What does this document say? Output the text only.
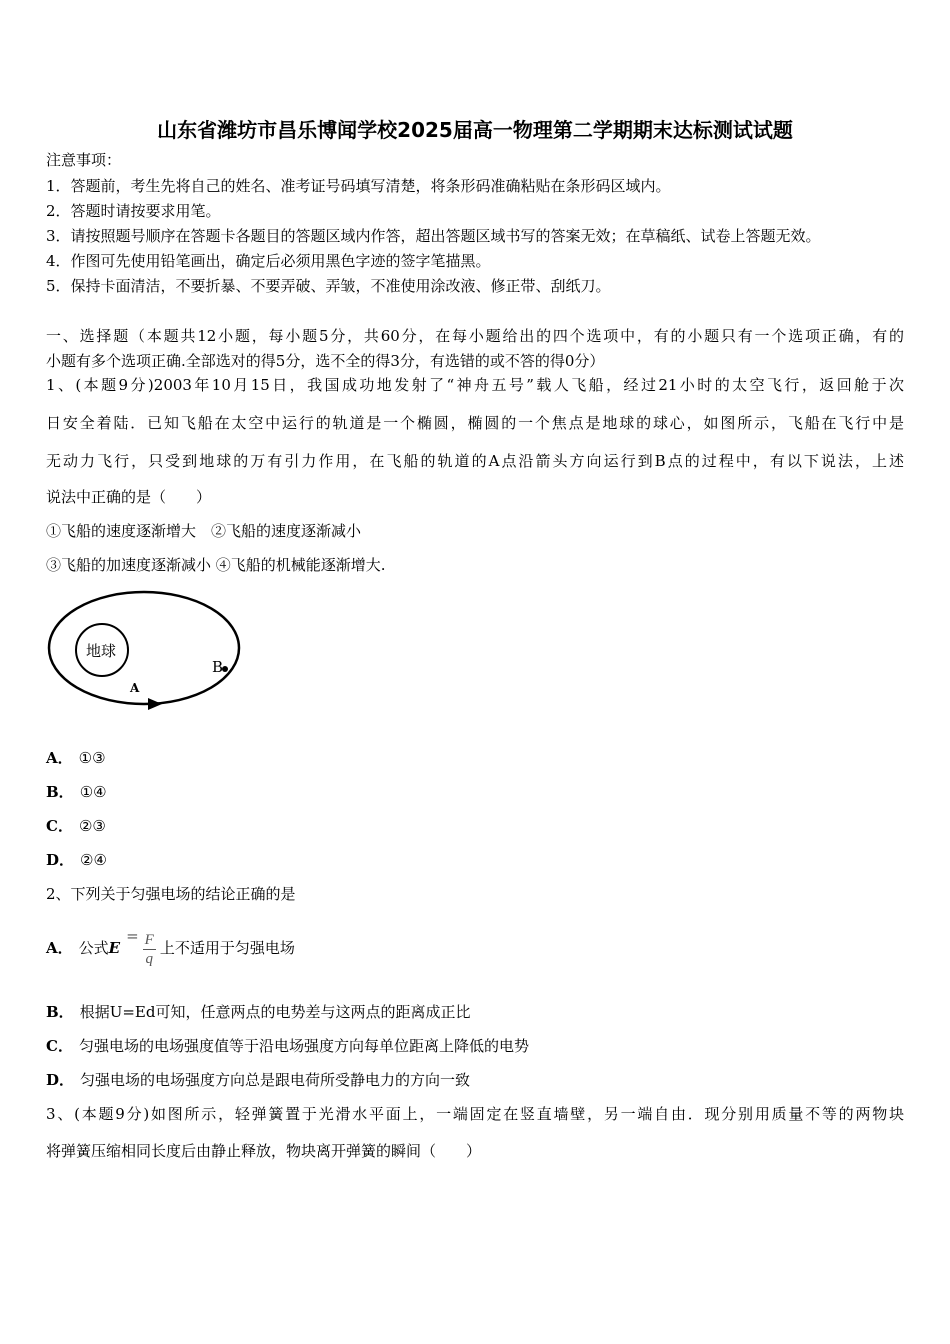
山东省潍坊市昌乐博闻学校2025届高一物理第二学期期末达标测试试题
注意事项：
1．答题前，考生先将自己的姓名、准考证号码填写清楚，将条形码准确粘贴在条形码区域内。
2．答题时请按要求用笔。
3．请按照题号顺序在答题卡各题目的答题区域内作答，超出答题区域书写的答案无效；在草稿纸、试卷上答题无效。
4．作图可先使用铅笔画出，确定后必须用黑色字迹的签字笔描黑。
5．保持卡面清洁，不要折暴、不要弄破、弄皱，不准使用涂改液、修正带、刮纸刀。
一、选择题（本题共12小题，每小题5分，共60分，在每小题给出的四个选项中，有的小题只有一个选项正确，有的
小题有多个选项正确.全部选对的得5分，选不全的得3分，有选错的或不答的得0分）
1、(本题9分)2003年10月15日，我国成功地发射了“神舟五号”载人飞船，经过21小时的太空飞行，返回舱于次
日安全着陆．已知飞船在太空中运行的轨道是一个椭圆，椭圆的一个焦点是地球的球心，如图所示，飞船在飞行中是
无动力飞行，只受到地球的万有引力作用，在飞船的轨道的A点沿箭头方向运行到B点的过程中，有以下说法，上述
说法中正确的是（　　）
①飞船的速度逐渐增大　②飞船的速度逐渐减小
③飞船的加速度逐渐减小 ④飞船的机械能逐渐增大.
地球
B
A
A． ①③
B． ①④
C． ②③
D． ②④
2、下列关于匀强电场的结论正确的是
A． 公式$E= \frac{F}{q}$ 上不适用于匀强电场
B． 根据U=Ed可知，任意两点的电势差与这两点的距离成正比
C． 匀强电场的电场强度值等于沿电场强度方向每单位距离上降低的电势
D． 匀强电场的电场强度方向总是跟电荷所受静电力的方向一致
3、(本题9分)如图所示，轻弹簧置于光滑水平面上，一端固定在竖直墙壁，另一端自由．现分别用质量不等的两物块
将弹簧压缩相同长度后由静止释放，物块离开弹簧的瞬间（　　）
